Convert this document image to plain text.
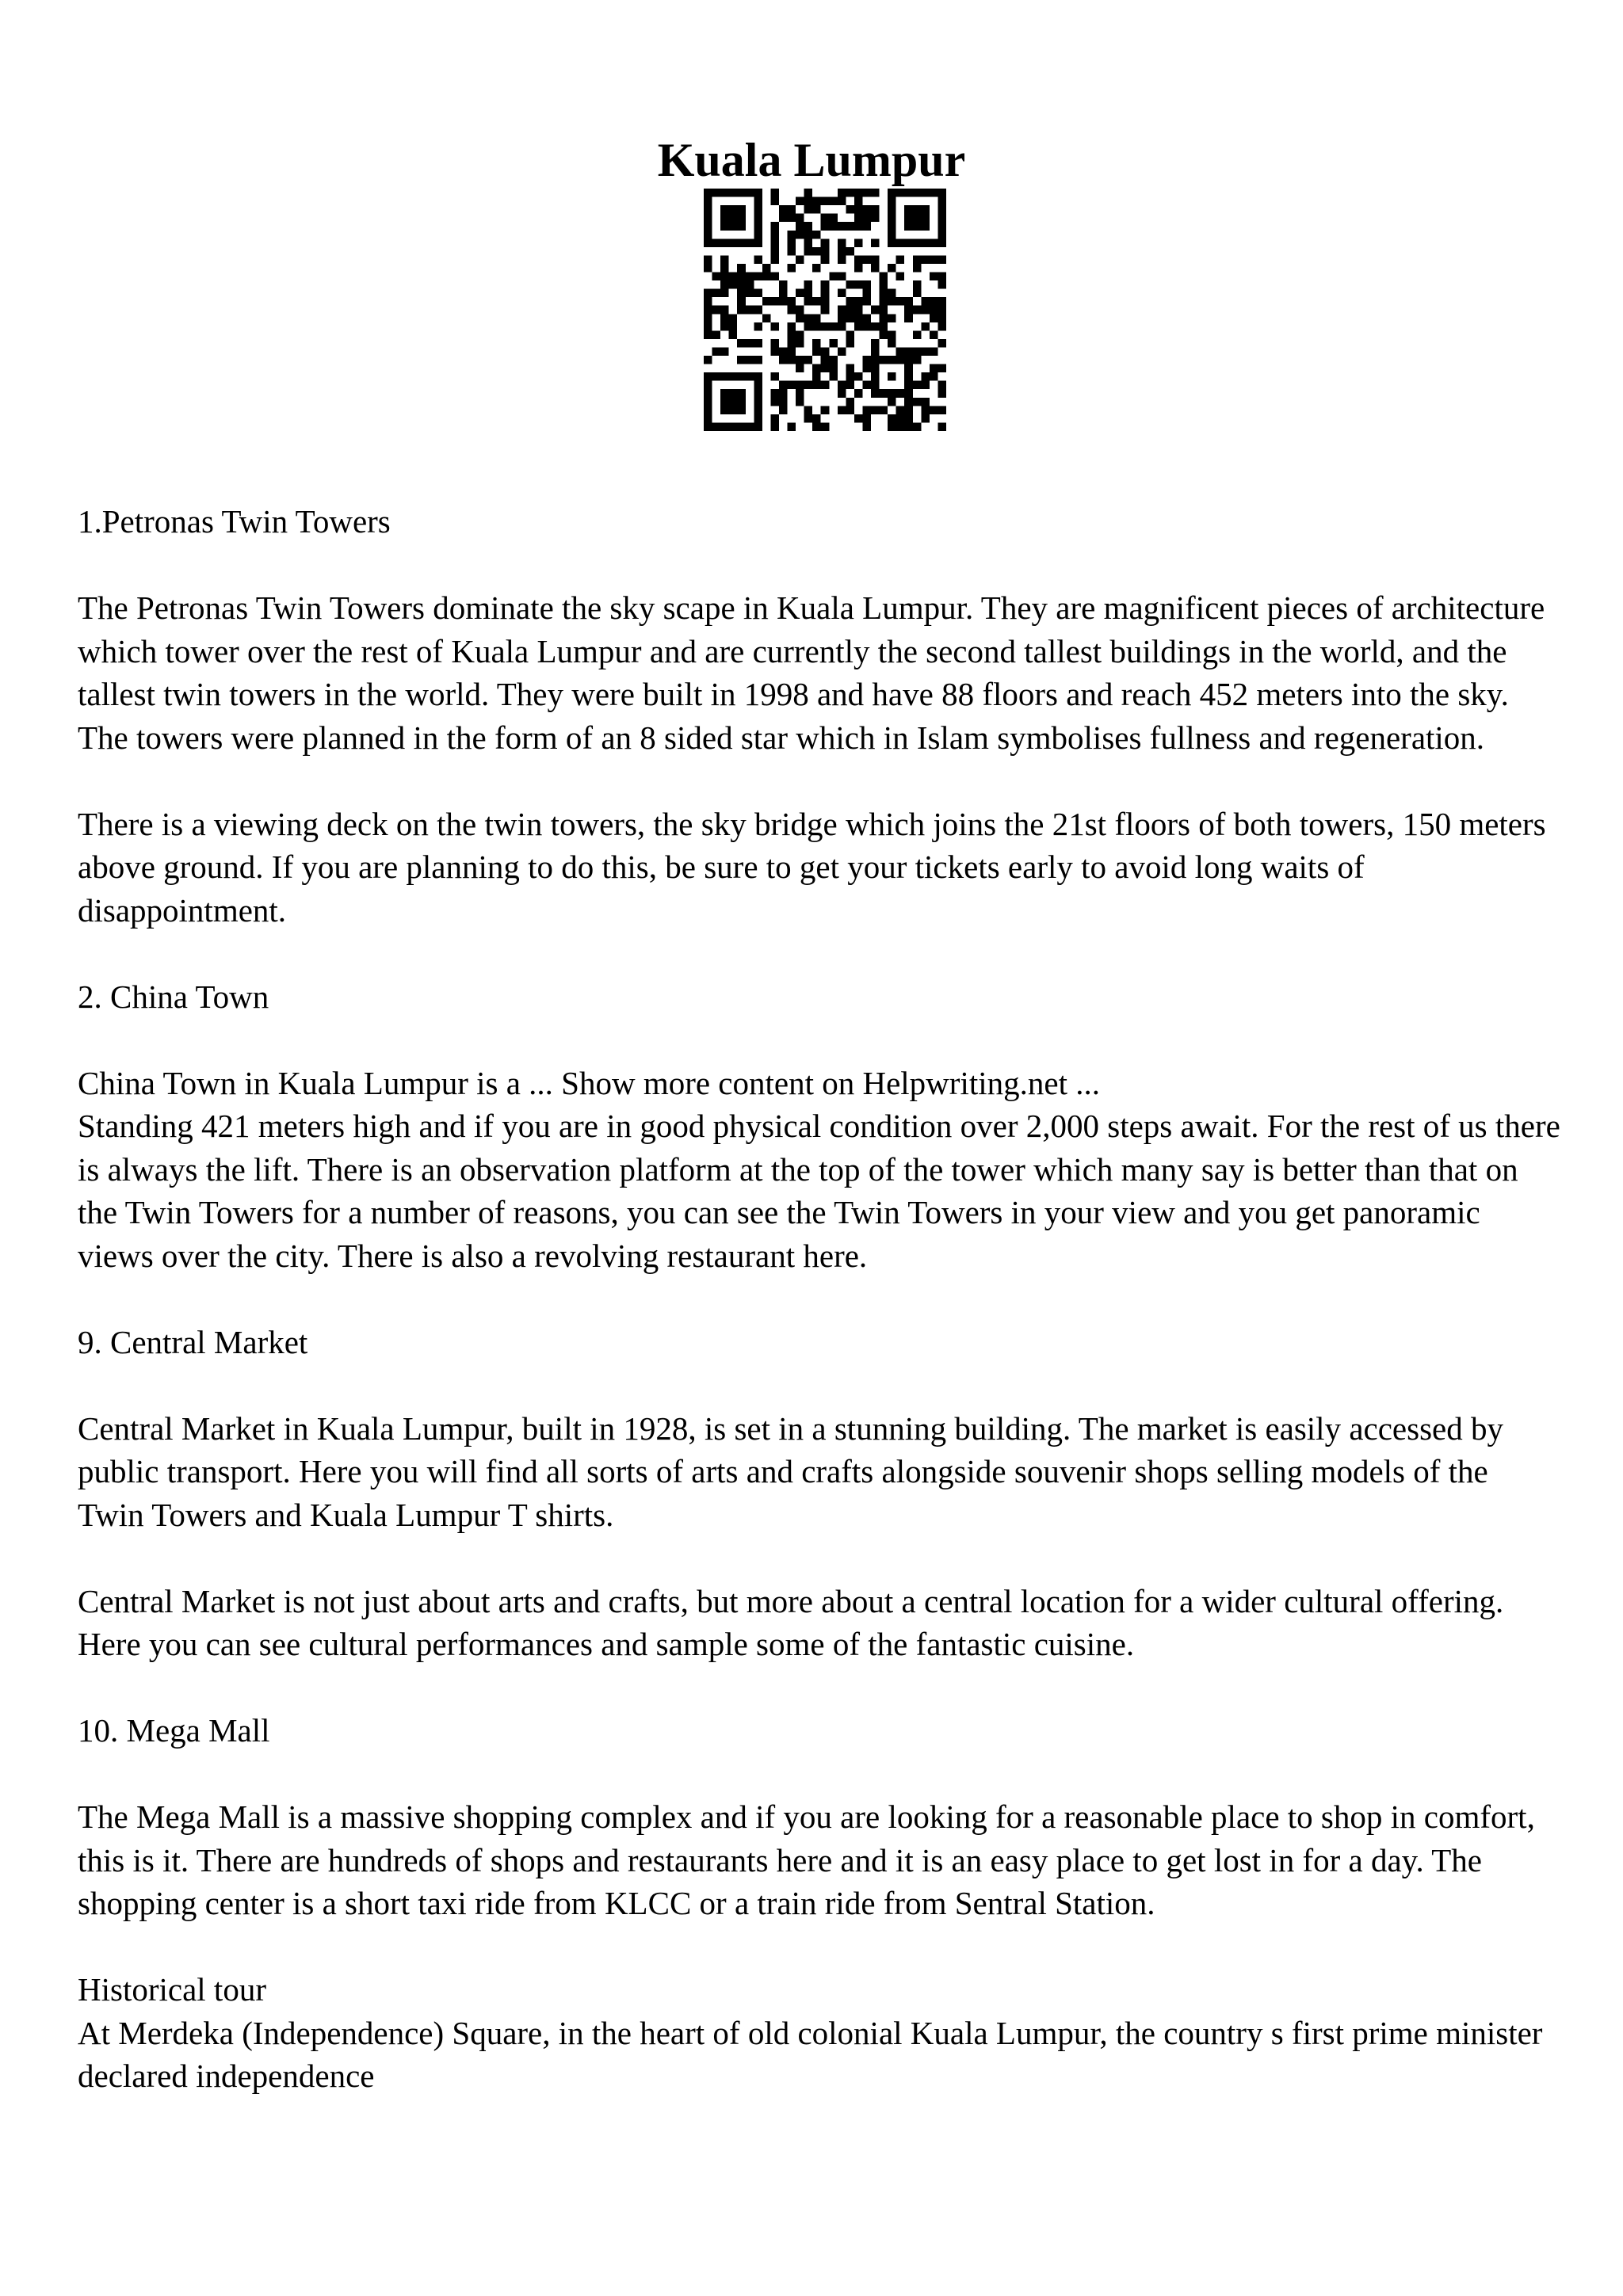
Kuala Lumpur

1.Petronas Twin Towers

The Petronas Twin Towers dominate the sky scape in Kuala Lumpur. They are magnificent pieces of architecture which tower over the rest of Kuala Lumpur and are currently the second tallest buildings in the world, and the tallest twin towers in the world. They were built in 1998 and have 88 floors and reach 452 meters into the sky. The towers were planned in the form of an 8 sided star which in Islam symbolises fullness and regeneration.

There is a viewing deck on the twin towers, the sky bridge which joins the 21st floors of both towers, 150 meters above ground. If you are planning to do this, be sure to get your tickets early to avoid long waits of disappointment.

2. China Town

China Town in Kuala Lumpur is a ... Show more content on Helpwriting.net ...

Standing 421 meters high and if you are in good physical condition over 2,000 steps await. For the rest of us there is always the lift. There is an observation platform at the top of the tower which many say is better than that on the Twin Towers for a number of reasons, you can see the Twin Towers in your view and you get panoramic views over the city. There is also a revolving restaurant here.

9. Central Market

Central Market in Kuala Lumpur, built in 1928, is set in a stunning building. The market is easily accessed by public transport. Here you will find all sorts of arts and crafts alongside souvenir shops selling models of the Twin Towers and Kuala Lumpur T shirts.

Central Market is not just about arts and crafts, but more about a central location for a wider cultural offering. Here you can see cultural performances and sample some of the fantastic cuisine.

10. Mega Mall

The Mega Mall is a massive shopping complex and if you are looking for a reasonable place to shop in comfort, this is it. There are hundreds of shops and restaurants here and it is an easy place to get lost in for a day. The shopping center is a short taxi ride from KLCC or a train ride from Sentral Station.

Historical tour

At Merdeka (Independence) Square, in the heart of old colonial Kuala Lumpur, the country s first prime minister declared independence
